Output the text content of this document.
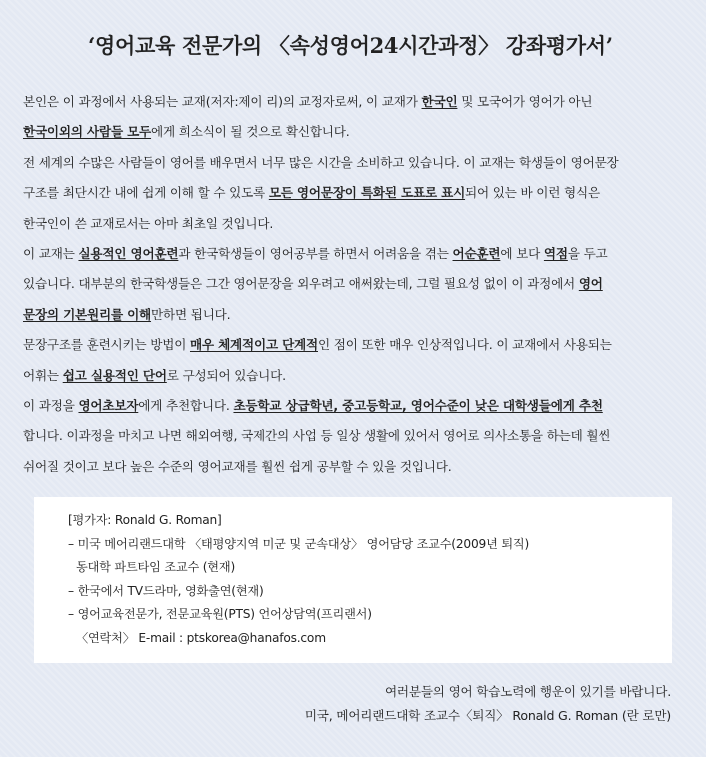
‘영어교육 전문가의 〈속성영어24시간과정〉 강좌평가서’

본인은 이 과정에서 사용되는 교재(저자:제이 리)의 교정자로써, 이 교재가 한국인 및 모국어가 영어가 아닌

한국이외의 사람들 모두에게 희소식이 될 것으로 확신합니다.

전 세계의 수많은 사람들이 영어를 배우면서 너무 많은 시간을 소비하고 있습니다. 이 교재는 학생들이 영어문장

구조를 최단시간 내에 쉽게 이해 할 수 있도록 모든 영어문장이 특화된 도표로 표시되어 있는 바 이런 형식은

한국인이 쓴 교재로서는 아마 최초일 것입니다.

이 교재는 실용적인 영어훈련과 한국학생들이 영어공부를 하면서 어려움을 겪는 어순훈련에 보다 역점을 두고

있습니다. 대부분의 한국학생들은 그간 영어문장을 외우려고 애써왔는데, 그럴 필요성 없이 이 과정에서 영어

문장의 기본원리를 이해만하면 됩니다.

문장구조를 훈련시키는 방법이 매우 체계적이고 단계적인 점이 또한 매우 인상적입니다. 이 교재에서 사용되는

어휘는 쉽고 실용적인 단어로 구성되어 있습니다.

이 과정을 영어초보자에게 추천합니다. 초등학교 상급학년, 중고등학교, 영어수준이 낮은 대학생들에게 추천

합니다. 이과정을 마치고 나면 해외여행, 국제간의 사업 등 일상 생활에 있어서 영어로 의사소통을 하는데 훨씬

쉬어질 것이고 보다 높은 수준의 영어교재를 훨씬 쉽게 공부할 수 있을 것입니다.

[평가자: Ronald G. Roman]
– 미국 메어리랜드대학 〈태평양지역 미군 및 군속대상〉 영어담당 조교수(2009년 퇴직)
동대학 파트타임 조교수 (현재)
– 한국에서 TV드라마, 영화출연(현재)
– 영어교육전문가, 전문교육원(PTS) 언어상담역(프리랜서)
〈연락처〉 E-mail : ptskorea@hanafos.com
여러분들의 영어 학습노력에 행운이 있기를 바랍니다.
미국, 메어리랜드대학 조교수〈퇴직〉 Ronald G. Roman (란 로만)
